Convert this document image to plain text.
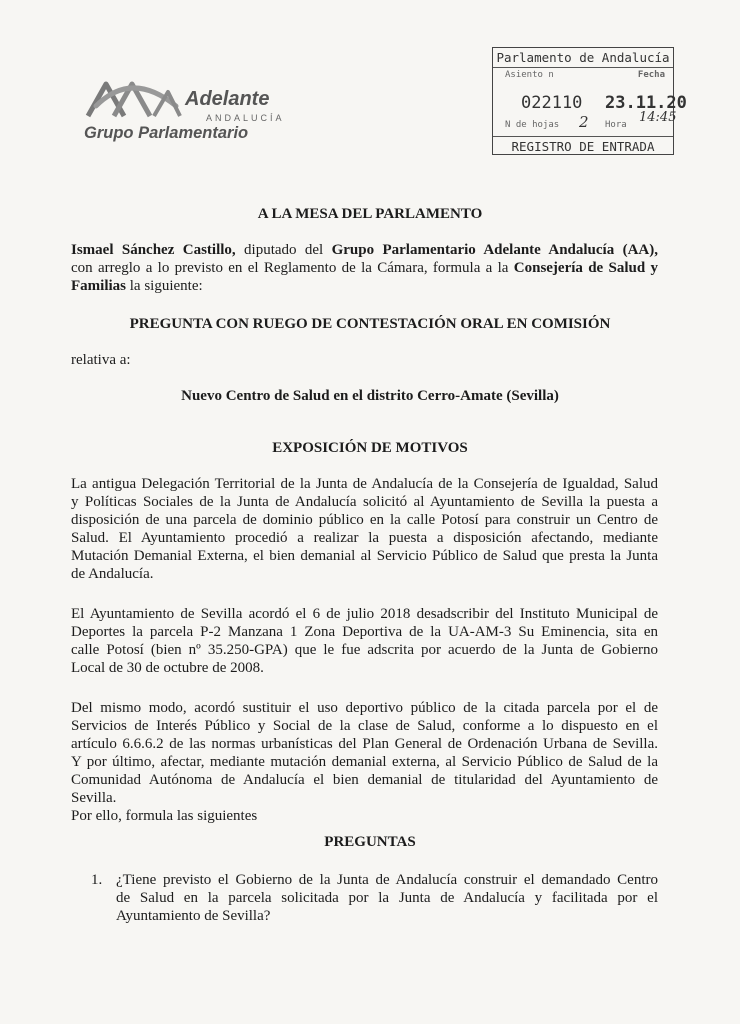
Adelante
ANDALUCÍA
Grupo Parlamentario
Parlamento de Andalucía
Asiento n	Fecha
022110 23.11.20
N de hojas 2 Hora 14:45
REGISTRO DE ENTRADA
A LA MESA DEL PARLAMENTO
Ismael Sánchez Castillo, diputado del Grupo Parlamentario Adelante Andalucía (AA),
con arreglo a lo previsto en el Reglamento de la Cámara, formula a la Consejería de Salud y
Familias la siguiente:
PREGUNTA CON RUEGO DE CONTESTACIÓN ORAL EN COMISIÓN
relativa a:
Nuevo Centro de Salud en el distrito Cerro-Amate (Sevilla)
EXPOSICIÓN DE MOTIVOS
La antigua Delegación Territorial de la Junta de Andalucía de la Consejería de Igualdad, Salud
y Políticas Sociales de la Junta de Andalucía solicitó al Ayuntamiento de Sevilla la puesta a
disposición de una parcela de dominio público en la calle Potosí para construir un Centro de
Salud. El Ayuntamiento procedió a realizar la puesta a disposición afectando, mediante
Mutación Demanial Externa, el bien demanial al Servicio Público de Salud que presta la Junta
de Andalucía.
El Ayuntamiento de Sevilla acordó el 6 de julio 2018 desadscribir del Instituto Municipal de
Deportes la parcela P-2 Manzana 1 Zona Deportiva de la UA-AM-3 Su Eminencia, sita en
calle Potosí (bien nº 35.250-GPA) que le fue adscrita por acuerdo de la Junta de Gobierno
Local de 30 de octubre de 2008.
Del mismo modo, acordó sustituir el uso deportivo público de la citada parcela por el de
Servicios de Interés Público y Social de la clase de Salud, conforme a lo dispuesto en el
artículo 6.6.6.2 de las normas urbanísticas del Plan General de Ordenación Urbana de Sevilla.
Y por último, afectar, mediante mutación demanial externa, al Servicio Público de Salud de la
Comunidad Autónoma de Andalucía el bien demanial de titularidad del Ayuntamiento de
Sevilla.
Por ello, formula las siguientes
PREGUNTAS
1. ¿Tiene previsto el Gobierno de la Junta de Andalucía construir el demandado Centro
de Salud en la parcela solicitada por la Junta de Andalucía y facilitada por el
Ayuntamiento de Sevilla?
